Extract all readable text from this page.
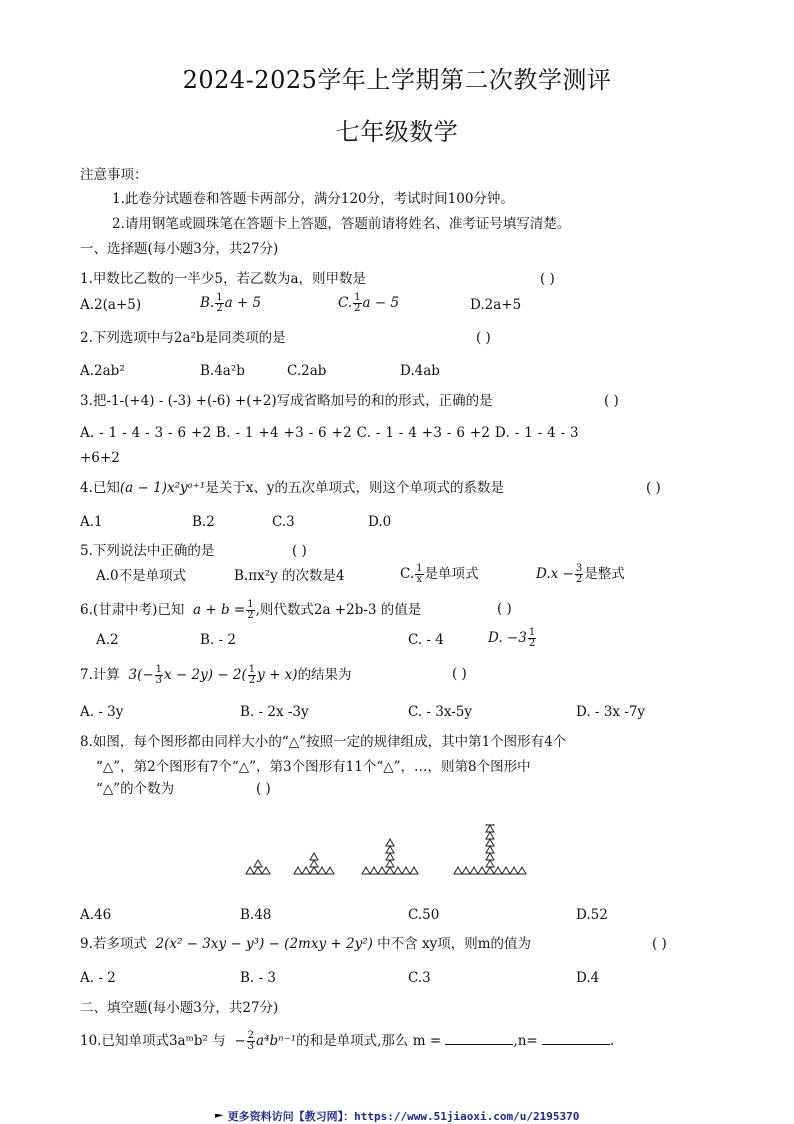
2024-2025学年上学期第二次教学测评
七年级数学
注意事项：
1.此卷分试题卷和答题卡两部分，满分120分，考试时间100分钟。
2.请用钢笔或圆珠笔在答题卡上答题，答题前请将姓名、准考证号填写清楚。
一、选择题(每小题3分，共27分)
1.甲数比乙数的一半少5，若乙数为a，则甲数是	( )
A.2(a+5)	B. $\frac{1}{2}$ a + 5	C. $\frac{1}{2}$ a − 5	D.2a+5
2.下列选项中与2a²b是同类项的是	( )
A.2ab²	B.4a²b	C.2ab	D.4ab
3.把-1-(+4) - (-3) +(-6) +(+2)写成省略加号的和的形式，正确的是	( )
A. - 1 - 4 - 3 - 6 +2 B. - 1 +4 +3 - 6 +2 C. - 1 - 4 +3 - 6 +2 D. - 1 - 4 - 3
+6+2
4.已知(a − 1)x²yᵃ⁺¹是关于x、y的五次单项式，则这个单项式的系数是	( )
A.1	B.2	C.3	D.0
5.下列说法中正确的是	( )
A.0不是单项式	B.πx²y 的次数是4	C. $\frac{1}{x}$ 是单项式	$D.x - \frac{3}{2}$ 是整式
6.(甘肃中考)已知 $a + b = \frac{1}{2}$ ,则代数式2a +2b-3 的值是	( )
A.2	B. - 2	C. - 4	D. $-3 \frac{1}{2}$
7.计算 $3(- \frac{1}{3}$ $x - 2y) - 2( \frac{1}{2}$ y + x)的结果为	( )
A. - 3y	B. - 2x -3y	C. - 3x-5y	D. - 3x -7y
8.如图，每个图形都由同样大小的“△”按照一定的规律组成，其中第1个图形有4个
“△”，第2个图形有7个“△”，第3个图形有11个“△”，…，则第8个图形中
“△”的个数为	( )
A.46	B.48	C.50	D.52
9.若多项式 2(x² − 3xy − y³) − (2mxy + 2y²) 中不含 xy项，则m的值为	( )
A. - 2	B. - 3	C.3	D.4
二、填空题(每小题3分，共27分)
10.已知单项式3aᵐb² 与 − $\frac{2}{3} a^4b^{n-1}$的和是单项式,那么 m =	,n=	.
更多资料访问【教习网】：https://www.51jiaoxi.com/u/2195370
